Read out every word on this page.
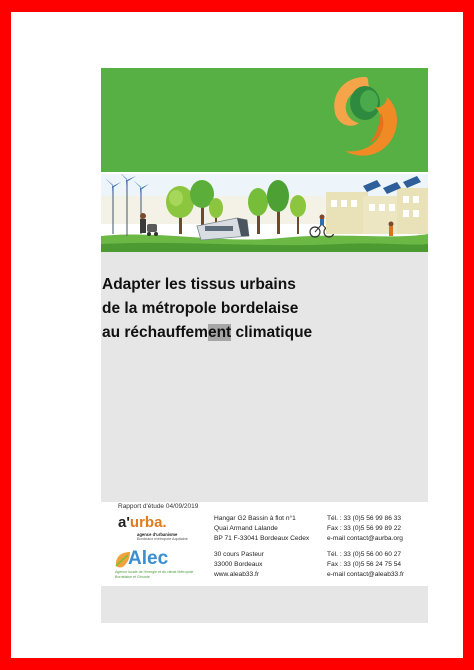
Adapter les tissus urbains
de la métropole bordelaise
au réchauffement climatique
Rapport d'étude 04/09/2019
a'urba.
agence d'urbanisme
Bordeaux métropole Aquitaine
Hangar G2 Bassin à flot n°1
Quai Armand Lalande
BP 71 F-33041 Bordeaux Cedex
Tél. : 33 (0)5 56 99 86 33
Fax : 33 (0)5 56 99 89 22
e-mail contact@aurba.org
Alec
Agence locale de l'énergie et du climat Métropole Bordelaise et Gironde
30 cours Pasteur
33000 Bordeaux
www.aleab33.fr
Tél. : 33 (0)5 56 00 60 27
Fax : 33 (0)5 56 24 75 54
e-mail contact@aleab33.fr
